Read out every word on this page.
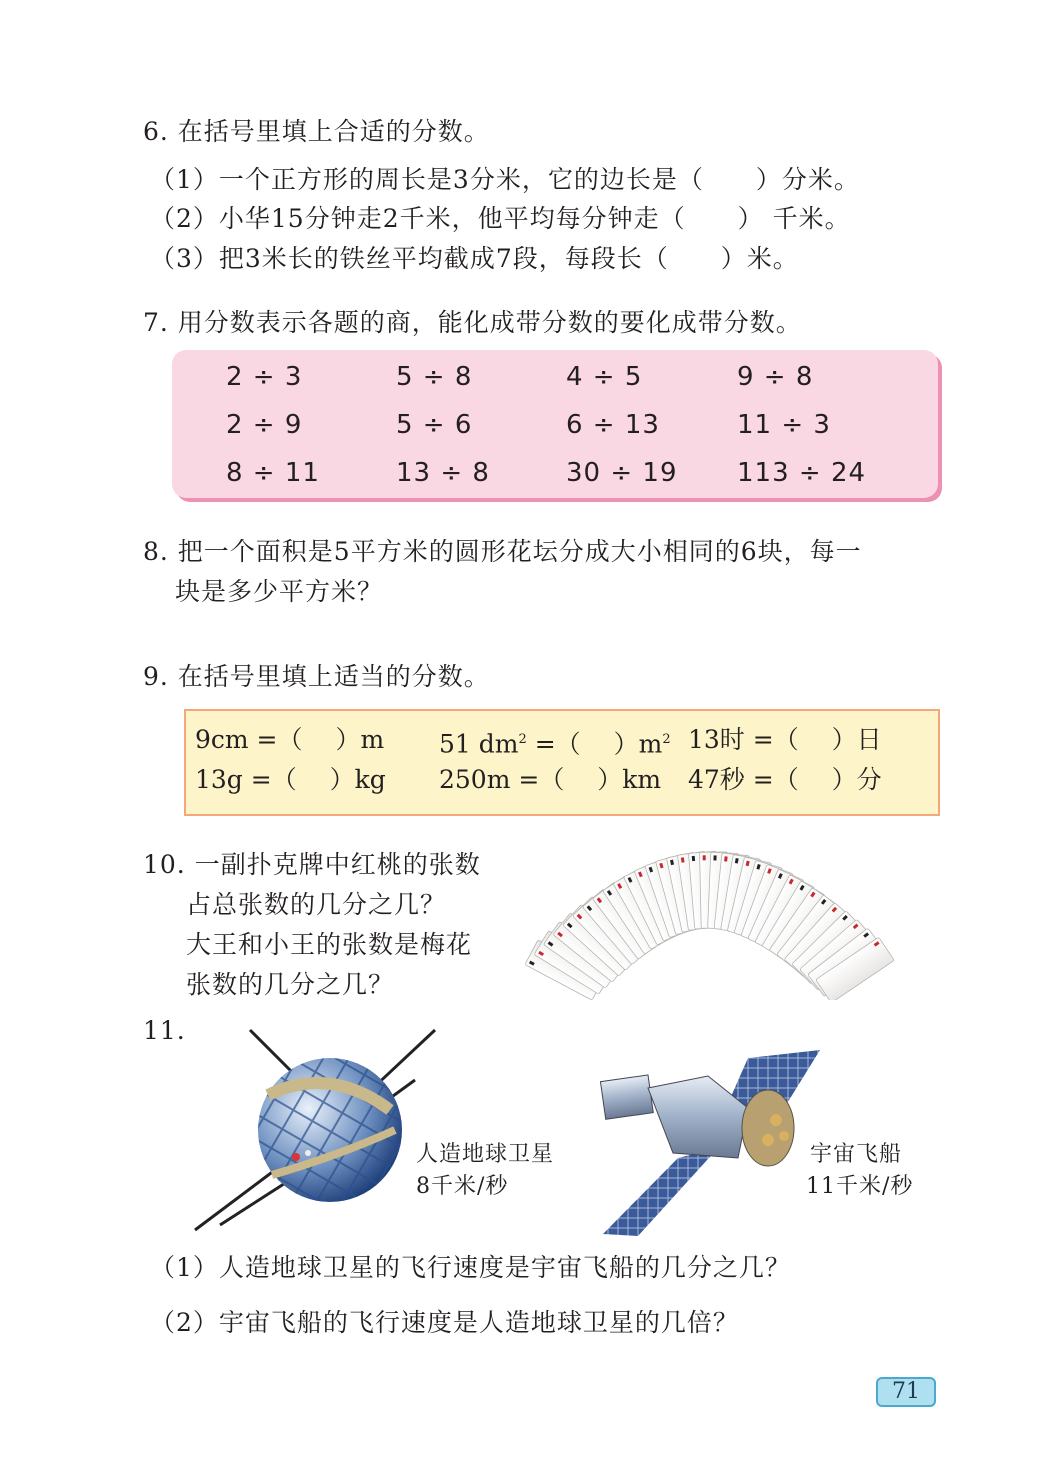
6. 在括号里填上合适的分数。
（1）一个正方形的周长是3分米，它的边长是（　　）分米。
（2）小华15分钟走2千米，他平均每分钟走（　　） 千米。
（3）把3米长的铁丝平均截成7段，每段长（　　）米。
7. 用分数表示各题的商，能化成带分数的要化成带分数。
2 ÷ 3	5 ÷ 8	4 ÷ 5	9 ÷ 8
2 ÷ 9	5 ÷ 6	6 ÷ 13	11 ÷ 3
8 ÷ 11	13 ÷ 8	30 ÷ 19	113 ÷ 24
8. 把一个面积是5平方米的圆形花坛分成大小相同的6块，每一
块是多少平方米？
9. 在括号里填上适当的分数。
9cm =（　 ）m	51 $dm^2$ =（　 ）$m^2$ 13时 =（　 ）日
13g =（　 ）kg	250m =（　 ）km	47秒 =（　 ）分
10. 一副扑克牌中红桃的张数
占总张数的几分之几？
大王和小王的张数是梅花
张数的几分之几？
11.
人造地球卫星
8千米/秒
宇宙飞船
11千米/秒
（1）人造地球卫星的飞行速度是宇宙飞船的几分之几？
（2）宇宙飞船的飞行速度是人造地球卫星的几倍？
71
